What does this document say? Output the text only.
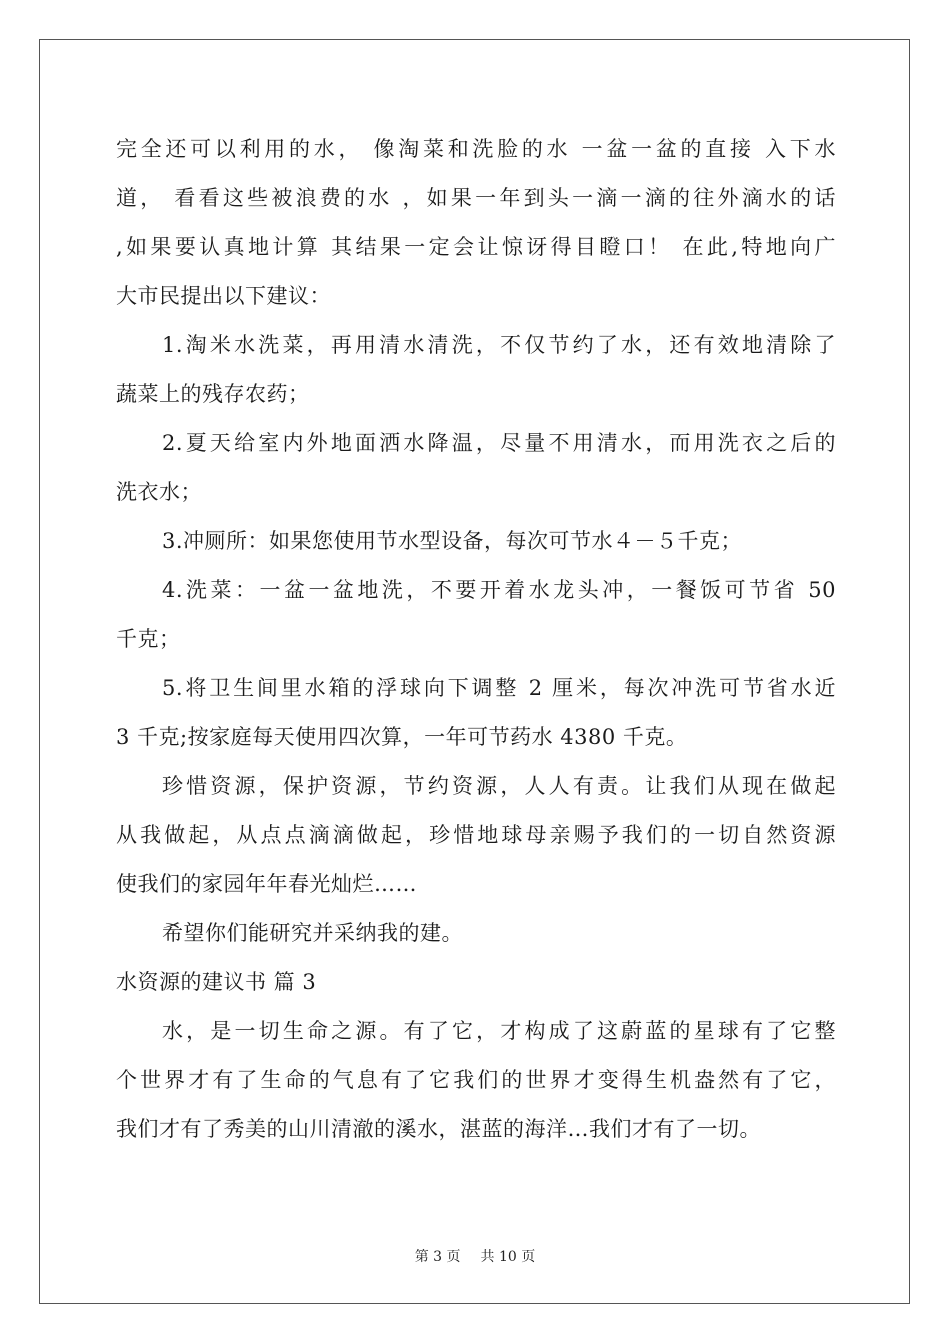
完全还可以利用的水， 像淘菜和洗脸的水 一盆一盆的直接 入下水
道， 看看这些被浪费的水 ，如果一年到头一滴一滴的往外滴水的话
,如果要认真地计算 其结果一定会让惊讶得目瞪口！ 在此,特地向广
大市民提出以下建议：
1.淘米水洗菜，再用清水清洗，不仅节约了水，还有效地清除了
蔬菜上的残存农药；
2.夏天给室内外地面洒水降温，尽量不用清水，而用洗衣之后的
洗衣水；
3.冲厕所：如果您使用节水型设备，每次可节水４－５千克；
4.洗菜：一盆一盆地洗，不要开着水龙头冲，一餐饭可节省 50
千克；
5.将卫生间里水箱的浮球向下调整 2 厘米，每次冲洗可节省水近
3 千克;按家庭每天使用四次算，一年可节药水 4380 千克。
珍惜资源，保护资源，节约资源，人人有责。让我们从现在做起
从我做起，从点点滴滴做起，珍惜地球母亲赐予我们的一切自然资源
使我们的家园年年春光灿烂……
希望你们能研究并采纳我的建。
水资源的建议书 篇 3
水，是一切生命之源。有了它，才构成了这蔚蓝的星球有了它整
个世界才有了生命的气息有了它我们的世界才变得生机盎然有了它，
我们才有了秀美的山川清澈的溪水，湛蓝的海洋…我们才有了一切。
第 3 页 共 10 页
